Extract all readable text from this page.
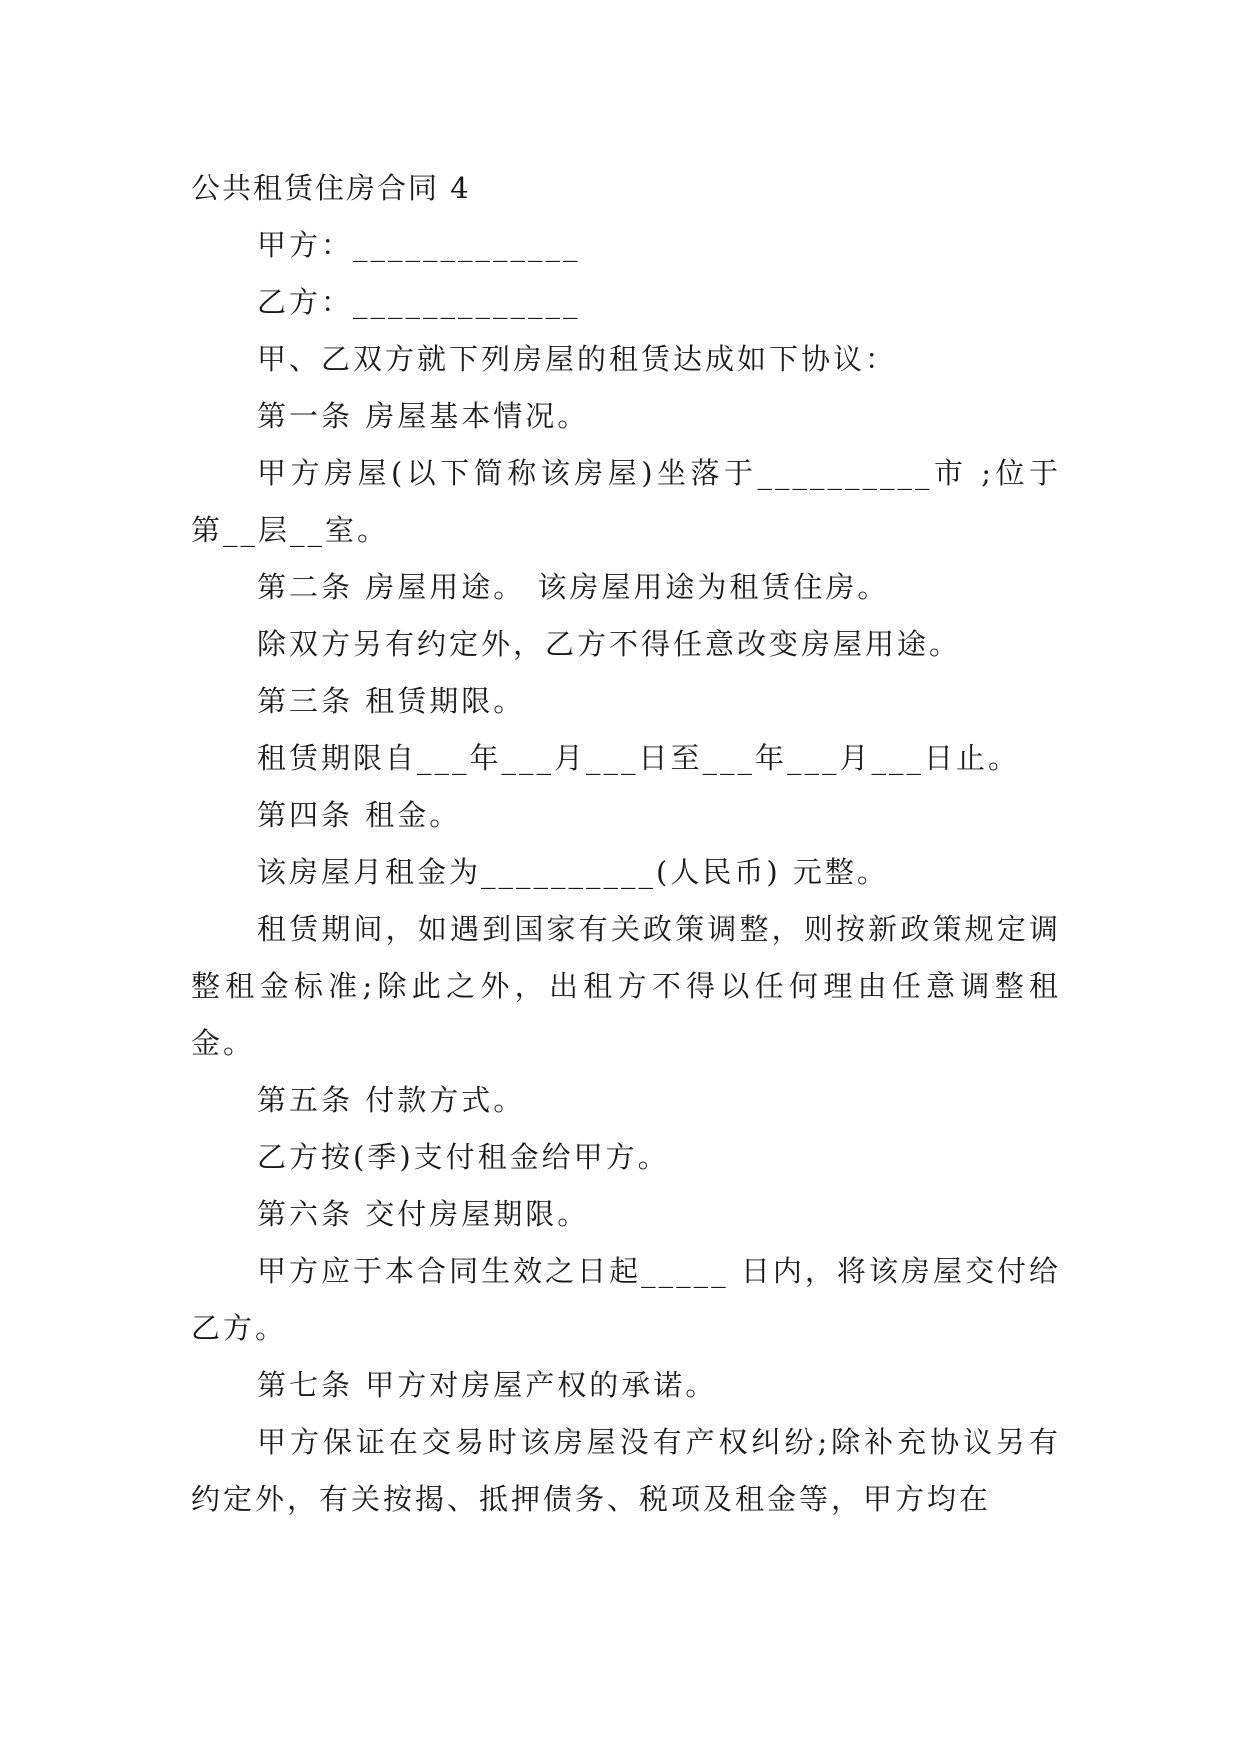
公共租赁住房合同 4

甲方：_____________

乙方：_____________

甲、乙双方就下列房屋的租赁达成如下协议：

第一条 房屋基本情况。

甲方房屋(以下简称该房屋)坐落于__________市 ;位于第__层__室。

第二条 房屋用途。 该房屋用途为租赁住房。

除双方另有约定外，乙方不得任意改变房屋用途。

第三条 租赁期限。

租赁期限自___年___月___日至___年___月___日止。

第四条 租金。

该房屋月租金为__________(人民币) 元整。

租赁期间，如遇到国家有关政策调整，则按新政策规定调整租金标准;除此之外，出租方不得以任何理由任意调整租金。

第五条 付款方式。

乙方按(季)支付租金给甲方。

第六条 交付房屋期限。

甲方应于本合同生效之日起_____ 日内，将该房屋交付给乙方。

第七条 甲方对房屋产权的承诺。

甲方保证在交易时该房屋没有产权纠纷;除补充协议另有约定外，有关按揭、抵押债务、税项及租金等，甲方均在
